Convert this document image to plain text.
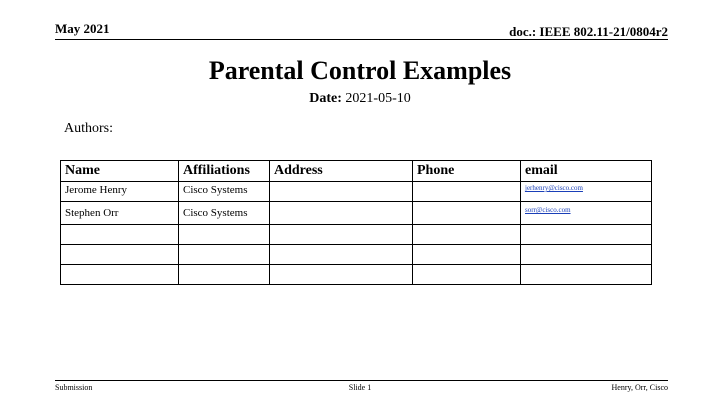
May 2021	doc.: IEEE 802.11-21/0804r2
Parental Control Examples
Date: 2021-05-10
Authors:
Name	Affiliations	Address	Phone	email
Jerome Henry	Cisco Systems			jerhenry@cisco.com
Stephen Orr	Cisco Systems			sorr@cisco.com

Submission	Slide 1	Henry, Orr, Cisco
